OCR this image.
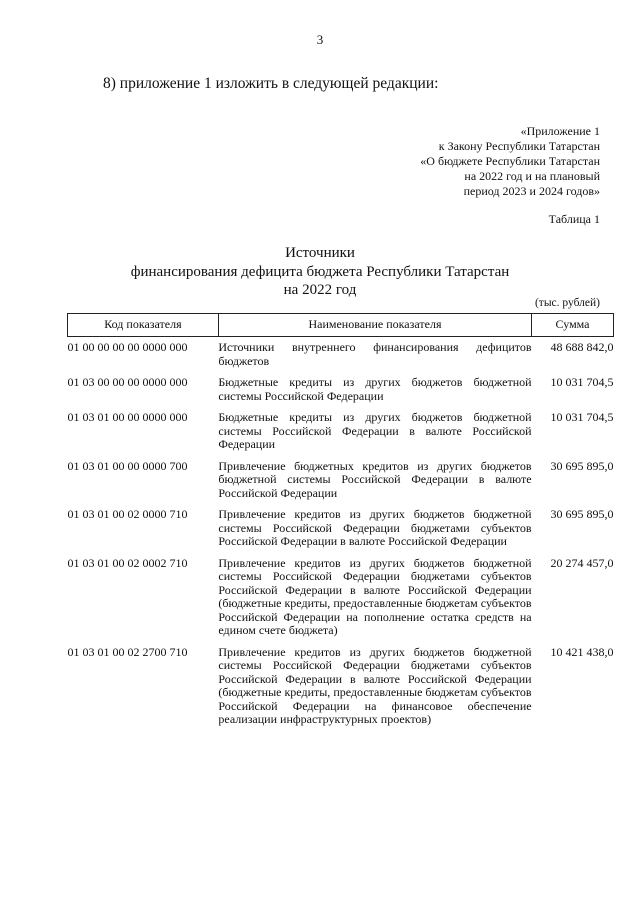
3
8) приложение 1 изложить в следующей редакции:
«Приложение 1
к Закону Республики Татарстан
«О бюджете Республики Татарстан
на 2022 год и на плановый
период 2023 и 2024 годов»
Таблица 1
Источники
финансирования дефицита бюджета Республики Татарстан
на 2022 год
(тыс. рублей)
Код показателя	Наименование показателя	Сумма
01 00 00 00 00 0000 000	Источники внутреннего финансирования дефицитов бюджетов	48 688 842,0
01 03 00 00 00 0000 000	Бюджетные кредиты из других бюджетов бюджетной системы Российской Федерации	10 031 704,5
01 03 01 00 00 0000 000	Бюджетные кредиты из других бюджетов бюджетной системы Российской Федерации в валюте Российской Федерации	10 031 704,5
01 03 01 00 00 0000 700	Привлечение бюджетных кредитов из других бюджетов бюджетной системы Российской Федерации в валюте Российской Федерации	30 695 895,0
01 03 01 00 02 0000 710	Привлечение кредитов из других бюджетов бюджетной системы Российской Федерации бюджетами субъектов Российской Федерации в валюте Российской Федерации	30 695 895,0
01 03 01 00 02 0002 710	Привлечение кредитов из других бюджетов бюджетной системы Российской Федерации бюджетами субъектов Российской Федерации в валюте Российской Федерации (бюджетные кредиты, предоставленные бюджетам субъектов Российской Федерации на пополнение остатка средств на едином счете бюджета)	20 274 457,0
01 03 01 00 02 2700 710	Привлечение кредитов из других бюджетов бюджетной системы Российской Федерации бюджетами субъектов Российской Федерации в валюте Российской Федерации (бюджетные кредиты, предоставленные бюджетам субъектов Российской Федерации на финансовое обеспечение реализации инфраструктурных проектов)	10 421 438,0
